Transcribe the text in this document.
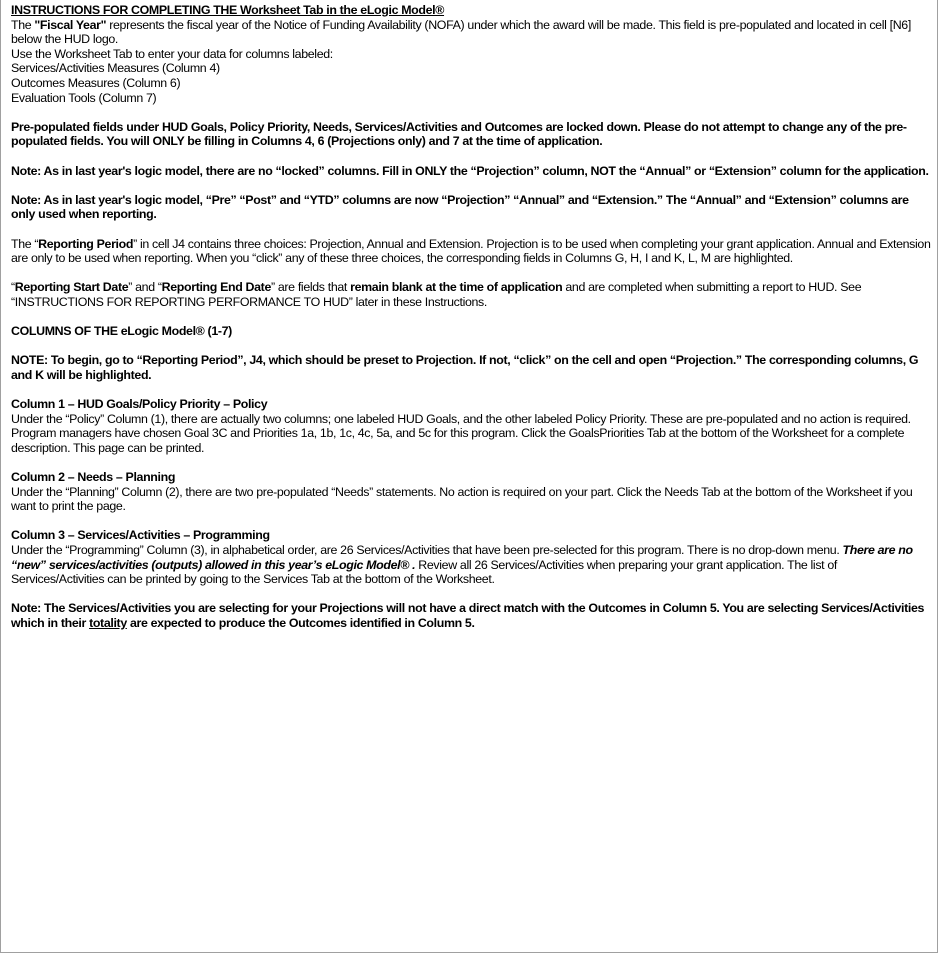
INSTRUCTIONS FOR COMPLETING THE Worksheet Tab in the eLogic Model®

The "Fiscal Year" represents the fiscal year of the Notice of Funding Availability (NOFA) under which the award will be made. This field is pre-populated and located in cell [N6] below the HUD logo.

Use the Worksheet Tab to enter your data for columns labeled:

Services/Activities Measures (Column 4)

Outcomes Measures (Column 6)

Evaluation Tools (Column 7)

Pre-populated fields under HUD Goals, Policy Priority, Needs, Services/Activities and Outcomes are locked down. Please do not attempt to change any of the pre-populated fields. You will ONLY be filling in Columns 4, 6 (Projections only) and 7 at the time of application.

Note: As in last year's logic model, there are no “locked” columns. Fill in ONLY the “Projection” column, NOT the “Annual” or “Extension” column for the application.

Note: As in last year's logic model, “Pre” “Post” and “YTD” columns are now “Projection” “Annual” and “Extension.” The “Annual” and “Extension” columns are only used when reporting.

The “Reporting Period” in cell J4 contains three choices: Projection, Annual and Extension. Projection is to be used when completing your grant application. Annual and Extension are only to be used when reporting. When you “click” any of these three choices, the corresponding fields in Columns G, H, I and K, L, M are highlighted.

“Reporting Start Date” and “Reporting End Date” are fields that remain blank at the time of application and are completed when submitting a report to HUD. See “INSTRUCTIONS FOR REPORTING PERFORMANCE TO HUD” later in these Instructions.

COLUMNS OF THE eLogic Model® (1-7)

NOTE: To begin, go to “Reporting Period”, J4, which should be preset to Projection. If not, “click” on the cell and open “Projection.” The corresponding columns, G and K will be highlighted.

Column 1 – HUD Goals/Policy Priority – Policy

Under the “Policy” Column (1), there are actually two columns; one labeled HUD Goals, and the other labeled Policy Priority. These are pre-populated and no action is required. Program managers have chosen Goal 3C and Priorities 1a, 1b, 1c, 4c, 5a, and 5c for this program. Click the GoalsPriorities Tab at the bottom of the Worksheet for a complete description. This page can be printed.

Column 2 – Needs – Planning

Under the “Planning” Column (2), there are two pre-populated “Needs” statements. No action is required on your part. Click the Needs Tab at the bottom of the Worksheet if you want to print the page.

Column 3 – Services/Activities – Programming

Under the “Programming” Column (3), in alphabetical order, are 26 Services/Activities that have been pre-selected for this program. There is no drop-down menu. There are no “new” services/activities (outputs) allowed in this year’s eLogic Model® . Review all 26 Services/Activities when preparing your grant application. The list of Services/Activities can be printed by going to the Services Tab at the bottom of the Worksheet.

Note: The Services/Activities you are selecting for your Projections will not have a direct match with the Outcomes in Column 5. You are selecting Services/Activities which in their totality are expected to produce the Outcomes identified in Column 5.
